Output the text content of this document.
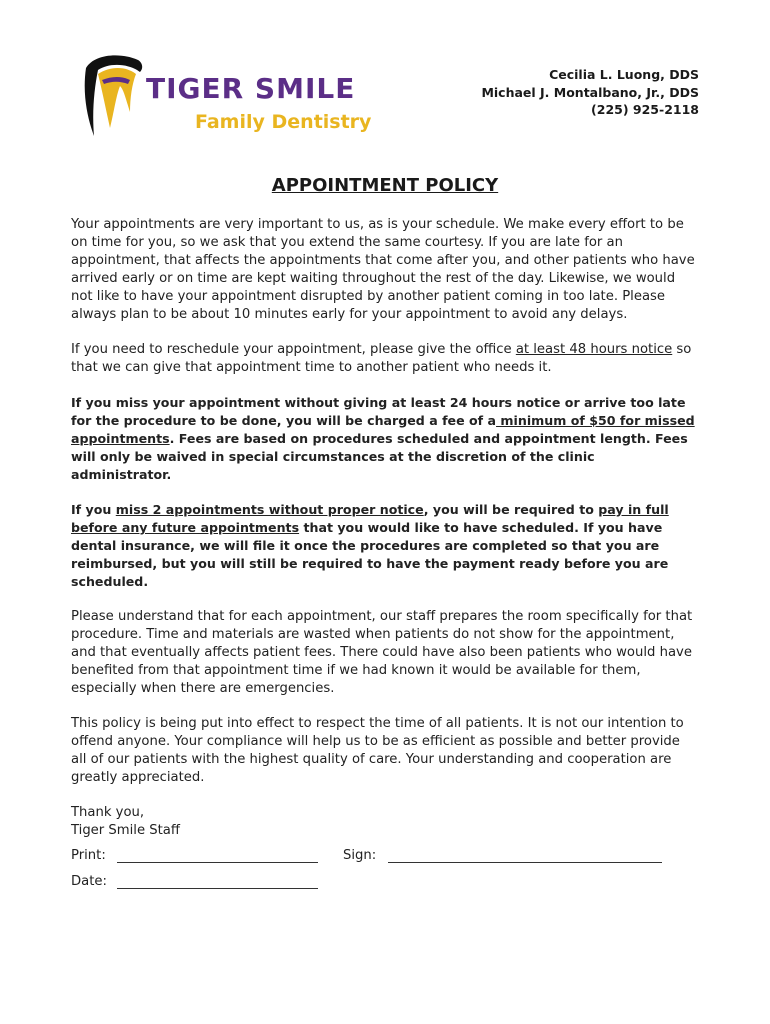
TIGER SMILE
Family Dentistry
Cecilia L. Luong, DDS
Michael J. Montalbano, Jr., DDS
(225) 925-2118
APPOINTMENT POLICY

Your appointments are very important to us, as is your schedule. We make every effort to be on time for you, so we ask that you extend the same courtesy. If you are late for an appointment, that affects the appointments that come after you, and other patients who have arrived early or on time are kept waiting throughout the rest of the day. Likewise, we would not like to have your appointment disrupted by another patient coming in too late. Please always plan to be about 10 minutes early for your appointment to avoid any delays.

If you need to reschedule your appointment, please give the office at least 48 hours notice so that we can give that appointment time to another patient who needs it.

If you miss your appointment without giving at least 24 hours notice or arrive too late for the procedure to be done, you will be charged a fee of a minimum of $50 for missed appointments. Fees are based on procedures scheduled and appointment length. Fees will only be waived in special circumstances at the discretion of the clinic administrator.

If you miss 2 appointments without proper notice, you will be required to pay in full before any future appointments that you would like to have scheduled. If you have dental insurance, we will file it once the procedures are completed so that you are reimbursed, but you will still be required to have the payment ready before you are scheduled.

Please understand that for each appointment, our staff prepares the room specifically for that procedure. Time and materials are wasted when patients do not show for the appointment, and that eventually affects patient fees. There could have also been patients who would have benefited from that appointment time if we had known it would be available for them, especially when there are emergencies.

This policy is being put into effect to respect the time of all patients. It is not our intention to offend anyone. Your compliance will help us to be as efficient as possible and better provide all of our patients with the highest quality of care. Your understanding and cooperation are greatly appreciated.

Thank you,
Tiger Smile Staff

Print:	Sign:
Date:
